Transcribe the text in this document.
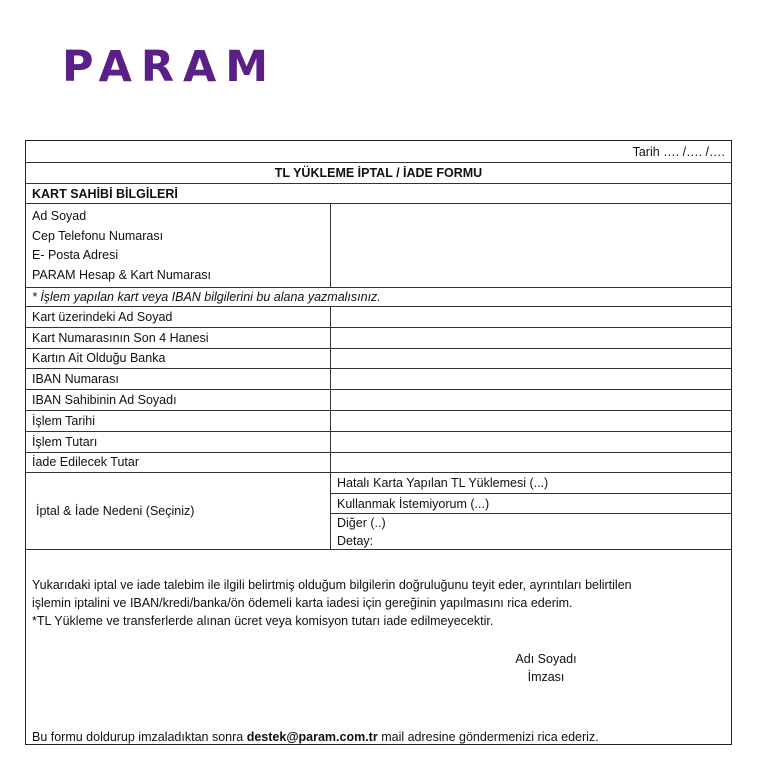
PARAM
Tarih …. /…. /….
TL YÜKLEME İPTAL / İADE FORMU
KART SAHİBİ BİLGİLERİ
Ad Soyad
Cep Telefonu Numarası
E- Posta Adresi
PARAM Hesap & Kart Numarası
* İşlem yapılan kart veya IBAN bilgilerini bu alana yazmalısınız.
Kart üzerindeki Ad Soyad
Kart Numarasının Son 4 Hanesi
Kartın Ait Olduğu Banka
IBAN Numarası
IBAN Sahibinin Ad Soyadı
İşlem Tarihi
İşlem Tutarı
İade Edilecek Tutar
İptal & İade Nedeni (Seçiniz)
Hatalı Karta Yapılan TL Yüklemesi (...)
Kullanmak İstemiyorum (...)
Diğer (..)
Detay:
Yukarıdaki iptal ve iade talebim ile ilgili belirtmiş olduğum bilgilerin doğruluğunu teyit eder, ayrıntıları belirtilen
işlemin iptalini ve IBAN/kredi/banka/ön ödemeli karta iadesi için gereğinin yapılmasını rica ederim.
*TL Yükleme ve transferlerde alınan ücret veya komisyon tutarı iade edilmeyecektir.
Adı Soyadı
İmzası
Bu formu doldurup imzaladıktan sonra destek@param.com.tr mail adresine göndermenizi rica ederiz.
